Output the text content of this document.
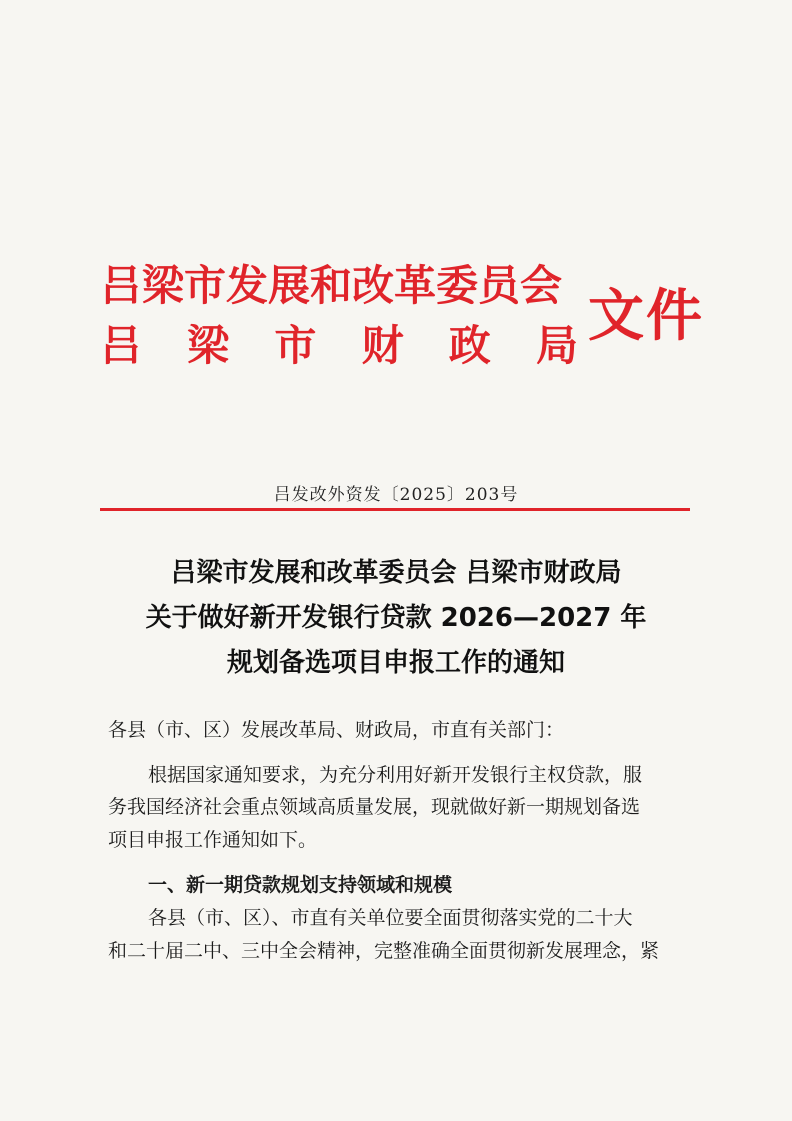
吕梁市发展和改革委员会
吕 梁 市 财 政 局 文件
吕发改外资发〔2025〕203号
吕梁市发展和改革委员会 吕梁市财政局
关于做好新开发银行贷款 2026—2027 年
规划备选项目申报工作的通知
各县（市、区）发展改革局、财政局，市直有关部门：
根据国家通知要求，为充分利用好新开发银行主权贷款，服
务我国经济社会重点领域高质量发展，现就做好新一期规划备选
项目申报工作通知如下。
一、新一期贷款规划支持领域和规模
各县（市、区）、市直有关单位要全面贯彻落实党的二十大
和二十届二中、三中全会精神，完整准确全面贯彻新发展理念，紧
